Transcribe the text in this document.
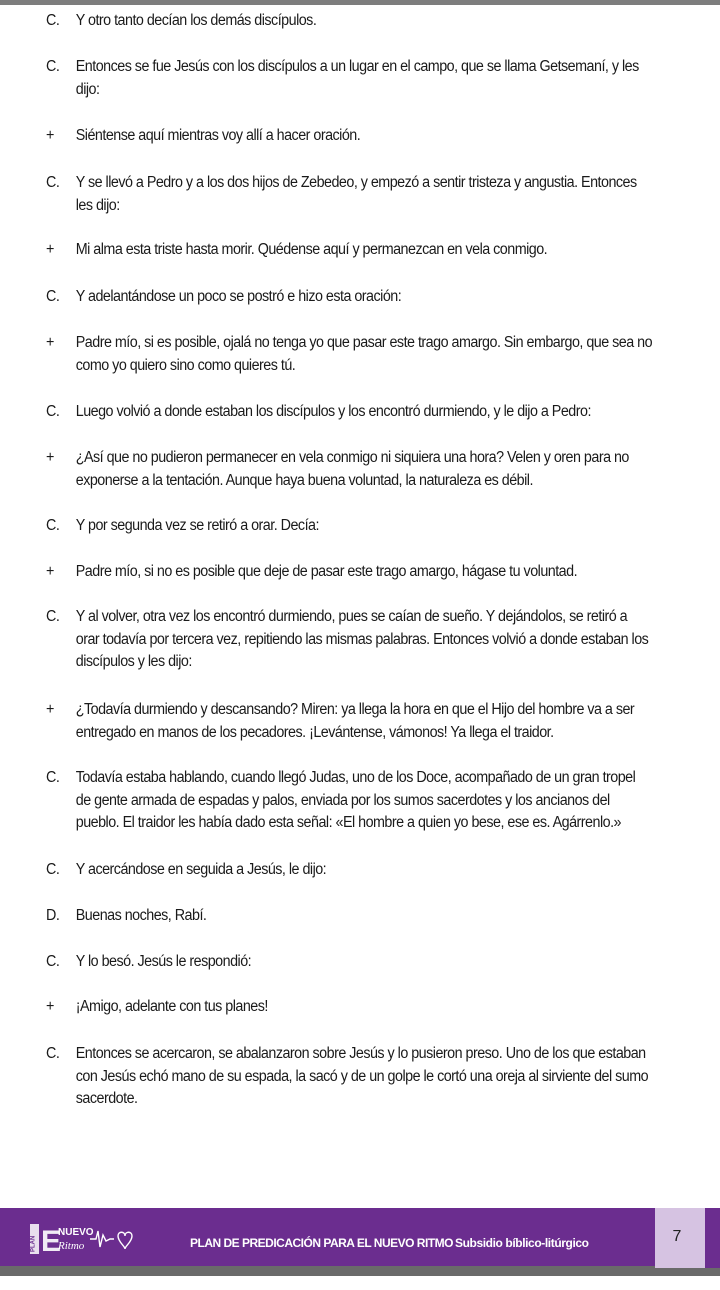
C.	Y otro tanto decían los demás discípulos.
C.	Entonces se fue Jesús con los discípulos a un lugar en el campo, que se llama Getsemaní, y les dijo:
+	Siéntense aquí mientras voy allí a hacer oración.
C.	Y se llevó a Pedro y a los dos hijos de Zebedeo, y empezó a sentir tristeza y angustia. Entonces les dijo:
+	Mi alma esta triste hasta morir. Quédense aquí y permanezcan en vela conmigo.
C.	Y adelantándose un poco se postró e hizo esta oración:
+	Padre mío, si es posible, ojalá no tenga yo que pasar este trago amargo. Sin embargo, que sea no como yo quiero sino como quieres tú.
C.	Luego volvió a donde estaban los discípulos y los encontró durmiendo, y le dijo a Pedro:
+	¿Así que no pudieron permanecer en vela conmigo ni siquiera una hora? Velen y oren para no exponerse a la tentación. Aunque haya buena voluntad, la naturaleza es débil.
C.	Y por segunda vez se retiró a orar. Decía:
+	Padre mío, si no es posible que deje de pasar este trago amargo, hágase tu voluntad.
C.	Y al volver, otra vez los encontró durmiendo, pues se caían de sueño. Y dejándolos, se retiró a orar todavía por tercera vez, repitiendo las mismas palabras. Entonces volvió a donde estaban los discípulos y les dijo:
+	¿Todavía durmiendo y descansando? Miren: ya llega la hora en que el Hijo del hombre va a ser entregado en manos de los pecadores. ¡Levántense, vámonos! Ya llega el traidor.
C.	Todavía estaba hablando, cuando llegó Judas, uno de los Doce, acompañado de un gran tropel de gente armada de espadas y palos, enviada por los sumos sacerdotes y los ancianos del pueblo. El traidor les había dado esta señal: «El hombre a quien yo bese, ese es. Agárrenlo.»
C.	Y acercándose en seguida a Jesús, le dijo:
D.	Buenas noches, Rabí.
C.	Y lo besó. Jesús le respondió:
+	¡Amigo, adelante con tus planes!
C.	Entonces se acercaron, se abalanzaron sobre Jesús y lo pusieron preso. Uno de los que estaban con Jesús echó mano de su espada, la sacó y de un golpe le cortó una oreja al sirviente del sumo sacerdote.
PLAN E
NUEVO
Ritmo	PLAN DE PREDICACIÓN PARA EL NUEVO RITMO Subsidio bíblico-litúrgico	7
